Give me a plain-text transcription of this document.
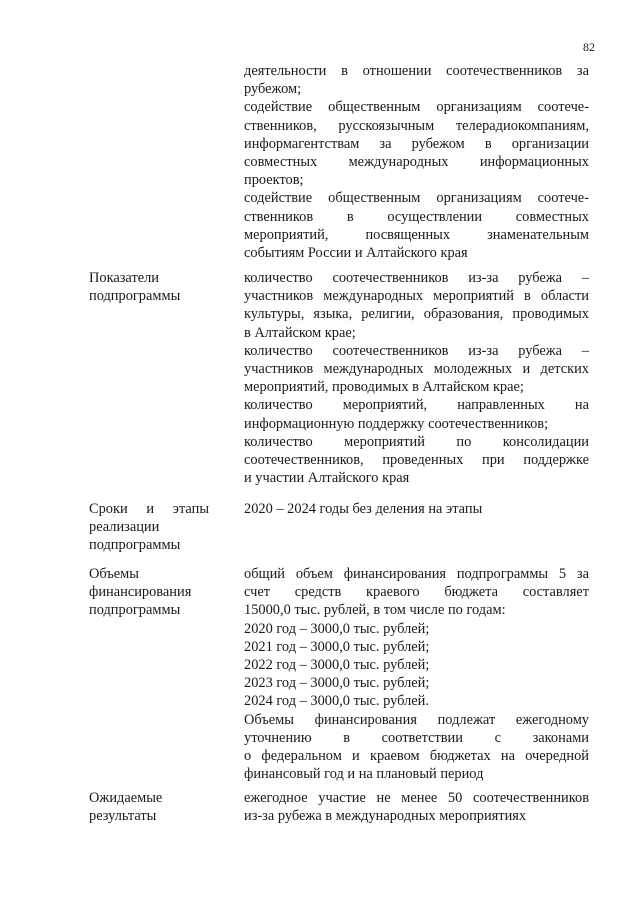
82
деятельности в отношении соотечественников за
рубежом;
содействие общественным организациям соотече-
ственников, русскоязычным телерадиокомпаниям,
информагентствам за рубежом в организации
совместных международных информационных
проектов;
содействие общественным организациям соотече-
ственников в осуществлении совместных
мероприятий, посвященных знаменательным
событиям России и Алтайского края
Показатели
подпрограммы
количество соотечественников из-за рубежа –
участников международных мероприятий в области
культуры, языка, религии, образования, проводимых
в Алтайском крае;
количество соотечественников из-за рубежа –
участников международных молодежных и детских
мероприятий, проводимых в Алтайском крае;
количество мероприятий, направленных на
информационную поддержку соотечественников;
количество мероприятий по консолидации
соотечественников, проведенных при поддержке
и участии Алтайского края
Сроки и этапы
реализации
подпрограммы
2020 – 2024 годы без деления на этапы
Объемы
финансирования
подпрограммы
общий объем финансирования подпрограммы 5 за
счет средств краевого бюджета составляет
15000,0 тыс. рублей, в том числе по годам:
2020 год – 3000,0 тыс. рублей;
2021 год – 3000,0 тыс. рублей;
2022 год – 3000,0 тыс. рублей;
2023 год – 3000,0 тыс. рублей;
2024 год – 3000,0 тыс. рублей.
Объемы финансирования подлежат ежегодному
уточнению в соответствии с законами
о федеральном и краевом бюджетах на очередной
финансовый год и на плановый период
Ожидаемые
результаты
ежегодное участие не менее 50 соотечественников
из-за рубежа в международных мероприятиях
